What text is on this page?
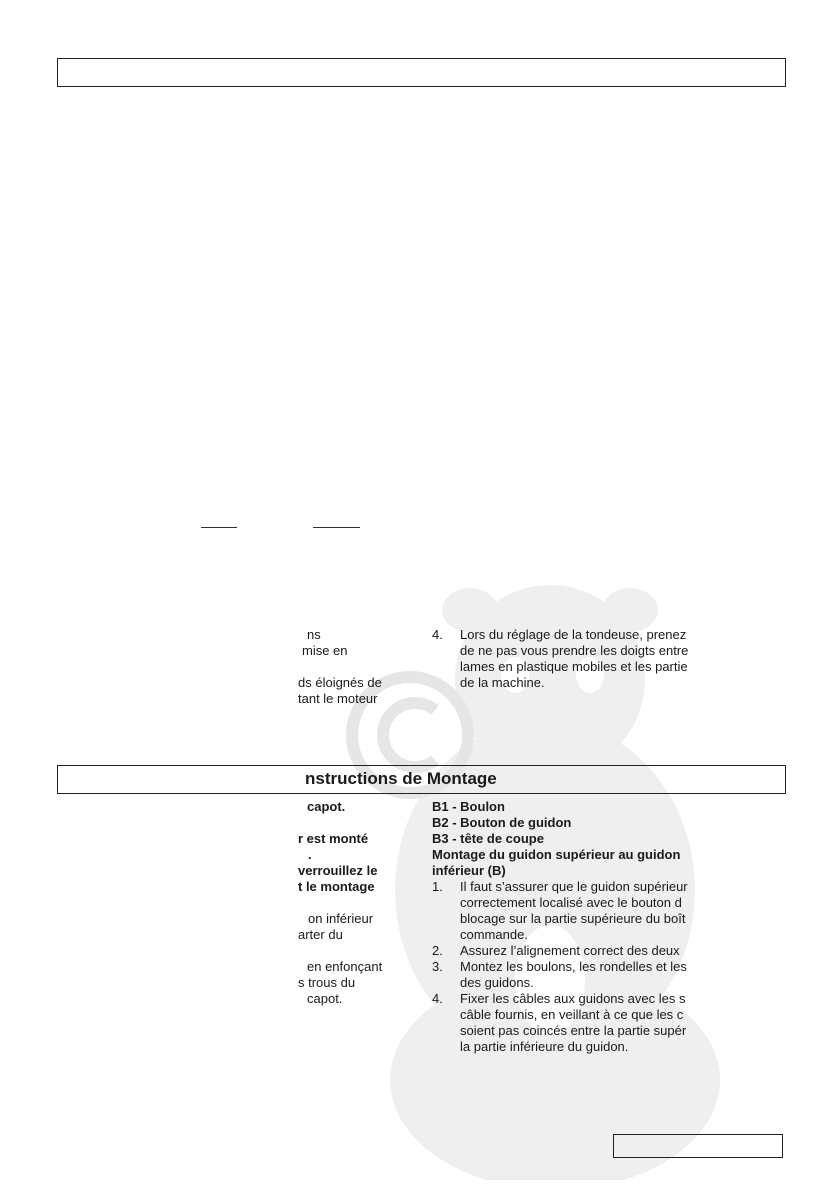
ns
mise en
ds éloignés de
tant le moteur
4. Lors du réglage de la tondeuse, prenez
de ne pas vous prendre les doigts entre
lames en plastique mobiles et les partie
de la machine.
nstructions de Montage
capot.
r est monté
.
verrouillez le
t le montage
on inférieur
arter du
en enfonçant
s trous du
capot.
B1 - Boulon
B2 - Bouton de guidon
B3 - tête de coupe
Montage du guidon supérieur au guidon
inférieur (B)
1. Il faut s’assurer que le guidon supérieur
correctement localisé avec le bouton d
blocage sur la partie supérieure du boît
commande.
2. Assurez l’alignement correct des deux
3. Montez les boulons, les rondelles et les
des guidons.
4. Fixer les câbles aux guidons avec les s
câble fournis, en veillant à ce que les c
soient pas coincés entre la partie supér
la partie inférieure du guidon.
